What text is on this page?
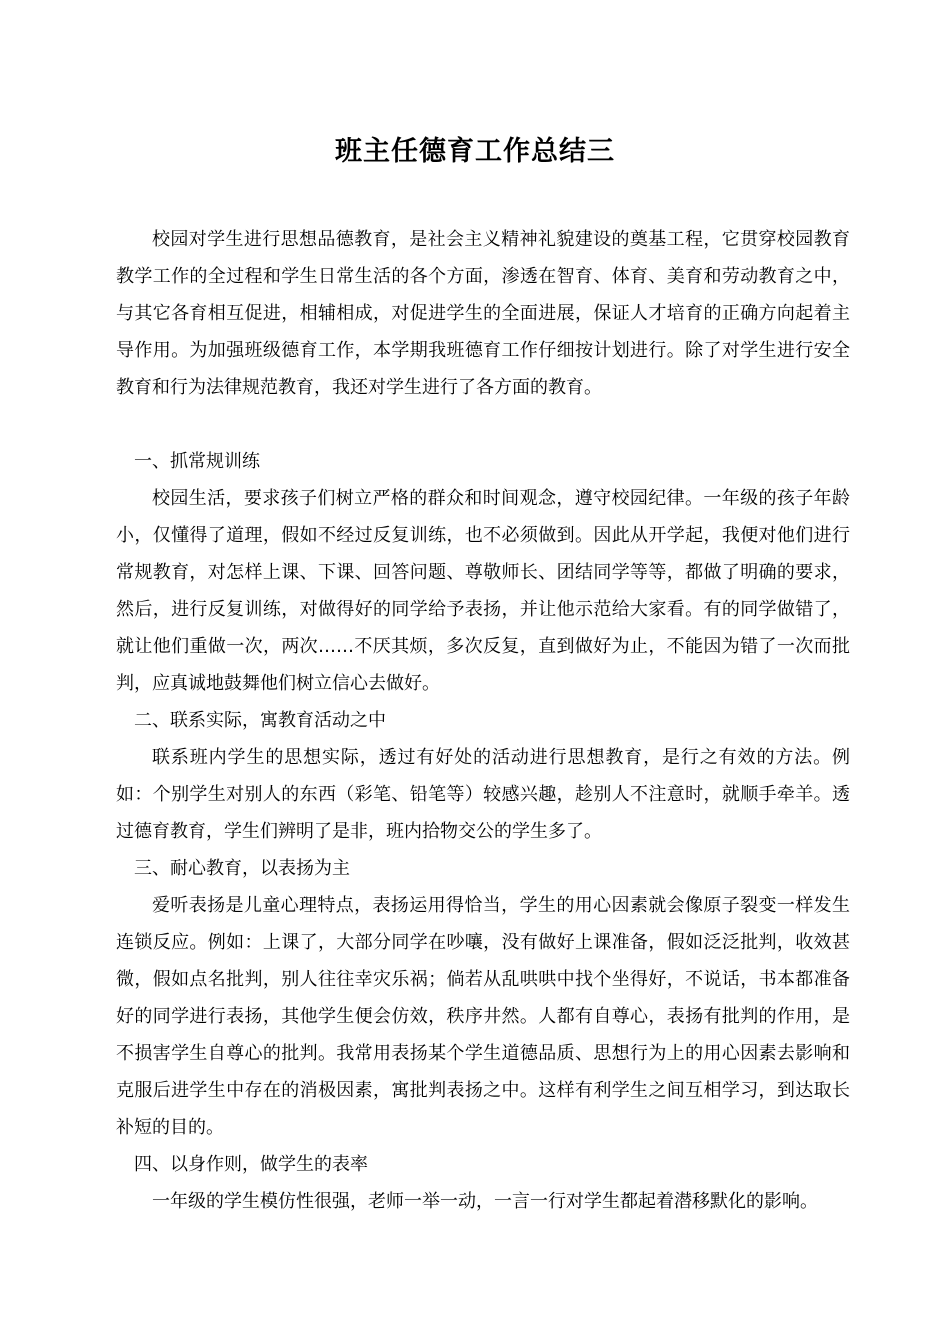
班主任德育工作总结三

校园对学生进行思想品德教育，是社会主义精神礼貌建设的奠基工程，它贯穿校园教育教学工作的全过程和学生日常生活的各个方面，渗透在智育、体育、美育和劳动教育之中，与其它各育相互促进，相辅相成，对促进学生的全面进展，保证人才培育的正确方向起着主导作用。为加强班级德育工作，本学期我班德育工作仔细按计划进行。除了对学生进行安全教育和行为法律规范教育，我还对学生进行了各方面的教育。

一、抓常规训练

校园生活，要求孩子们树立严格的群众和时间观念，遵守校园纪律。一年级的孩子年龄小，仅懂得了道理，假如不经过反复训练，也不必须做到。因此从开学起，我便对他们进行常规教育，对怎样上课、下课、回答问题、尊敬师长、团结同学等等，都做了明确的要求，然后，进行反复训练，对做得好的同学给予表扬，并让他示范给大家看。有的同学做错了，就让他们重做一次，两次……不厌其烦，多次反复，直到做好为止，不能因为错了一次而批判，应真诚地鼓舞他们树立信心去做好。

二、联系实际，寓教育活动之中

联系班内学生的思想实际，透过有好处的活动进行思想教育，是行之有效的方法。例如：个别学生对别人的东西（彩笔、铅笔等）较感兴趣，趁别人不注意时，就顺手牵羊。透过德育教育，学生们辨明了是非，班内拾物交公的学生多了。

三、耐心教育，以表扬为主

爱听表扬是儿童心理特点，表扬运用得恰当，学生的用心因素就会像原子裂变一样发生连锁反应。例如：上课了，大部分同学在吵嚷，没有做好上课准备，假如泛泛批判，收效甚微，假如点名批判，别人往往幸灾乐祸；倘若从乱哄哄中找个坐得好，不说话，书本都准备好的同学进行表扬，其他学生便会仿效，秩序井然。人都有自尊心，表扬有批判的作用，是不损害学生自尊心的批判。我常用表扬某个学生道德品质、思想行为上的用心因素去影响和克服后进学生中存在的消极因素，寓批判表扬之中。这样有利学生之间互相学习，到达取长补短的目的。

四、以身作则，做学生的表率

一年级的学生模仿性很强，老师一举一动，一言一行对学生都起着潜移默化的影响。
